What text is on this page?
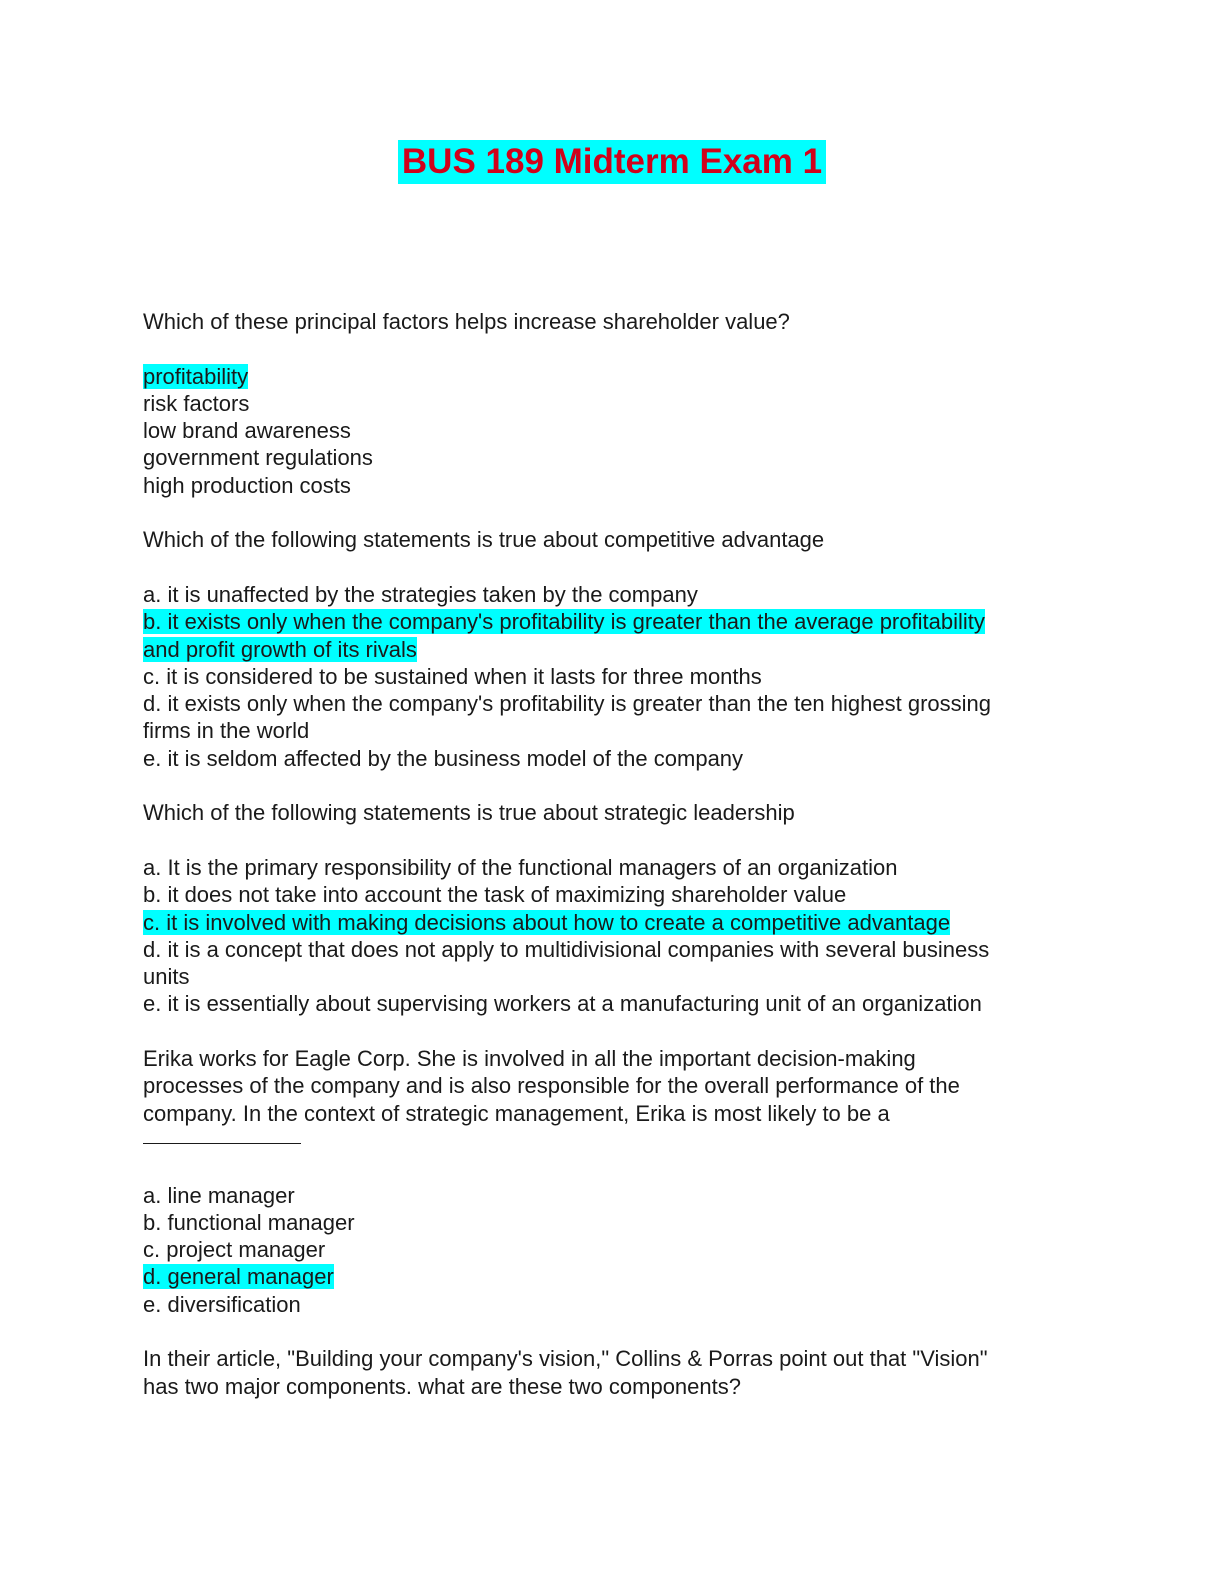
BUS 189 Midterm Exam 1
Which of these principal factors helps increase shareholder value?
profitability
risk factors
low brand awareness
government regulations
high production costs
Which of the following statements is true about competitive advantage
a. it is unaffected by the strategies taken by the company
b. it exists only when the company's profitability is greater than the average profitability
and profit growth of its rivals
c. it is considered to be sustained when it lasts for three months
d. it exists only when the company's profitability is greater than the ten highest grossing
firms in the world
e. it is seldom affected by the business model of the company
Which of the following statements is true about strategic leadership
a. It is the primary responsibility of the functional managers of an organization
b. it does not take into account the task of maximizing shareholder value
c. it is involved with making decisions about how to create a competitive advantage
d. it is a concept that does not apply to multidivisional companies with several business
units
e. it is essentially about supervising workers at a manufacturing unit of an organization
Erika works for Eagle Corp. She is involved in all the important decision-making
processes of the company and is also responsible for the overall performance of the
company. In the context of strategic management, Erika is most likely to be a
a. line manager
b. functional manager
c. project manager
d. general manager
e. diversification
In their article, "Building your company's vision," Collins & Porras point out that "Vision"
has two major components. what are these two components?
